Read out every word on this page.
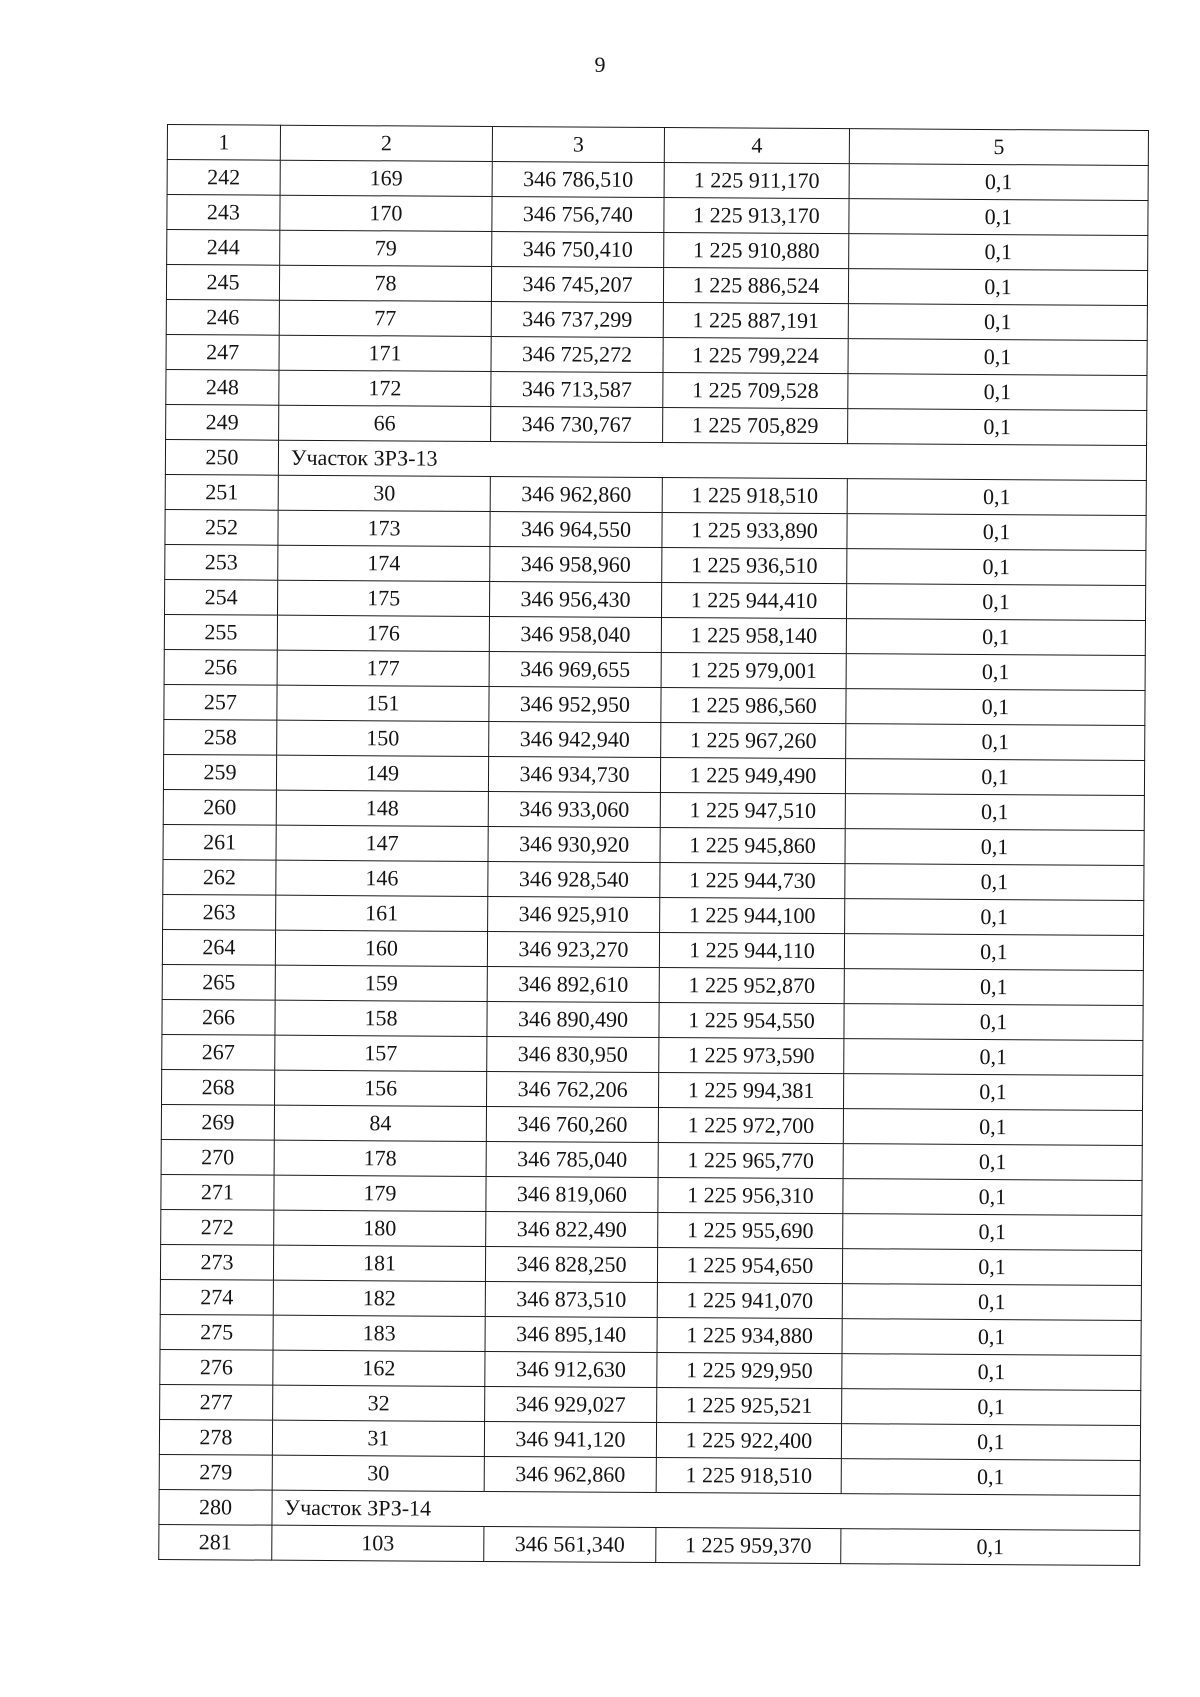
9
1	2	3	4	5
242	169	346 786,510	1 225 911,170	0,1
243	170	346 756,740	1 225 913,170	0,1
244	79	346 750,410	1 225 910,880	0,1
245	78	346 745,207	1 225 886,524	0,1
246	77	346 737,299	1 225 887,191	0,1
247	171	346 725,272	1 225 799,224	0,1
248	172	346 713,587	1 225 709,528	0,1
249	66	346 730,767	1 225 705,829	0,1
250	Участок ЗРЗ-13			
251	30	346 962,860	1 225 918,510	0,1
252	173	346 964,550	1 225 933,890	0,1
253	174	346 958,960	1 225 936,510	0,1
254	175	346 956,430	1 225 944,410	0,1
255	176	346 958,040	1 225 958,140	0,1
256	177	346 969,655	1 225 979,001	0,1
257	151	346 952,950	1 225 986,560	0,1
258	150	346 942,940	1 225 967,260	0,1
259	149	346 934,730	1 225 949,490	0,1
260	148	346 933,060	1 225 947,510	0,1
261	147	346 930,920	1 225 945,860	0,1
262	146	346 928,540	1 225 944,730	0,1
263	161	346 925,910	1 225 944,100	0,1
264	160	346 923,270	1 225 944,110	0,1
265	159	346 892,610	1 225 952,870	0,1
266	158	346 890,490	1 225 954,550	0,1
267	157	346 830,950	1 225 973,590	0,1
268	156	346 762,206	1 225 994,381	0,1
269	84	346 760,260	1 225 972,700	0,1
270	178	346 785,040	1 225 965,770	0,1
271	179	346 819,060	1 225 956,310	0,1
272	180	346 822,490	1 225 955,690	0,1
273	181	346 828,250	1 225 954,650	0,1
274	182	346 873,510	1 225 941,070	0,1
275	183	346 895,140	1 225 934,880	0,1
276	162	346 912,630	1 225 929,950	0,1
277	32	346 929,027	1 225 925,521	0,1
278	31	346 941,120	1 225 922,400	0,1
279	30	346 962,860	1 225 918,510	0,1
280	Участок ЗРЗ-14			
281	103	346 561,340	1 225 959,370	0,1
